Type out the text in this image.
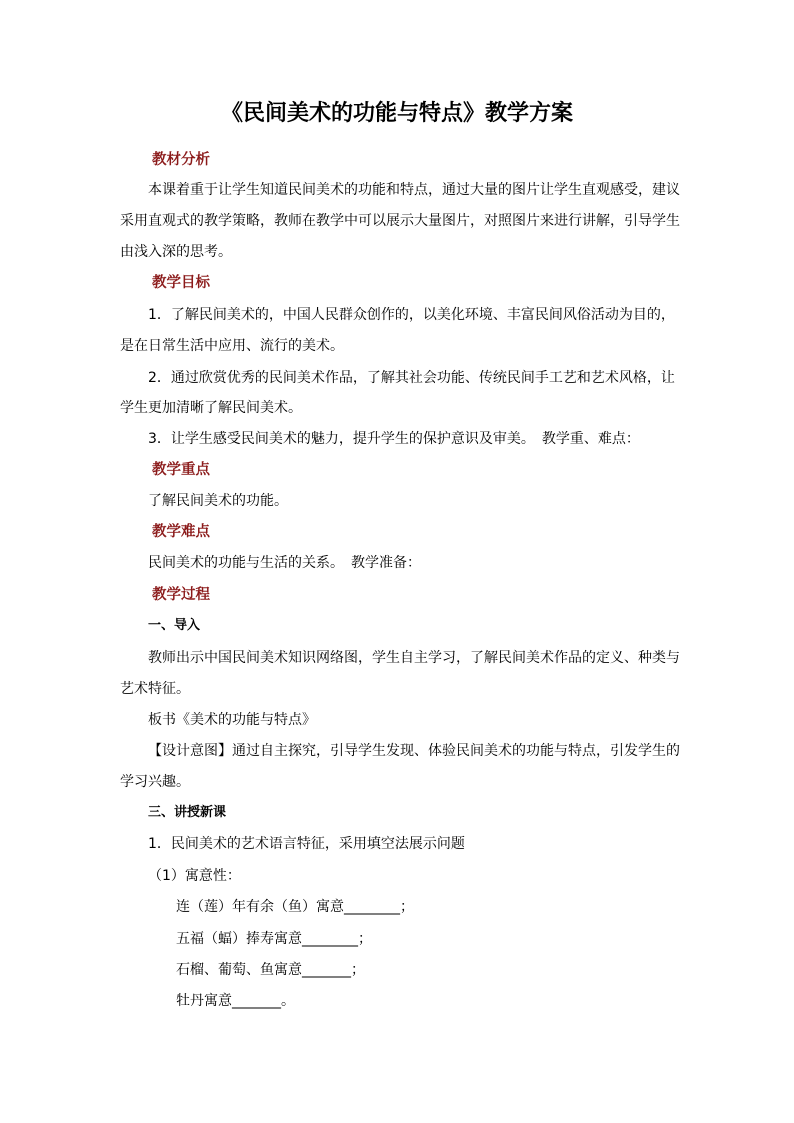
《民间美术的功能与特点》教学方案
教材分析
本课着重于让学生知道民间美术的功能和特点，通过大量的图片让学生直观感受，建议
采用直观式的教学策略，教师在教学中可以展示大量图片，对照图片来进行讲解，引导学生
由浅入深的思考。
教学目标
1．了解民间美术的，中国人民群众创作的，以美化环境、丰富民间风俗活动为目的，
是在日常生活中应用、流行的美术。
2．通过欣赏优秀的民间美术作品，了解其社会功能、传统民间手工艺和艺术风格，让
学生更加清晰了解民间美术。
3．让学生感受民间美术的魅力，提升学生的保护意识及审美。　教学重、难点：
教学重点
了解民间美术的功能。
教学难点
民间美术的功能与生活的关系。　教学准备：
教学过程
一、导入
教师出示中国民间美术知识网络图，学生自主学习，了解民间美术作品的定义、种类与
艺术特征。
板书《美术的功能与特点》
【设计意图】通过自主探究，引导学生发现、体验民间美术的功能与特点，引发学生的
学习兴趣。
三、讲授新课
1．民间美术的艺术语言特征，采用填空法展示问题
（1）寓意性：
连（莲）年有余（鱼）寓意________；
五福（蝠）捧寿寓意________；
石榴、葡萄、鱼寓意_______；
牡丹寓意_______。
